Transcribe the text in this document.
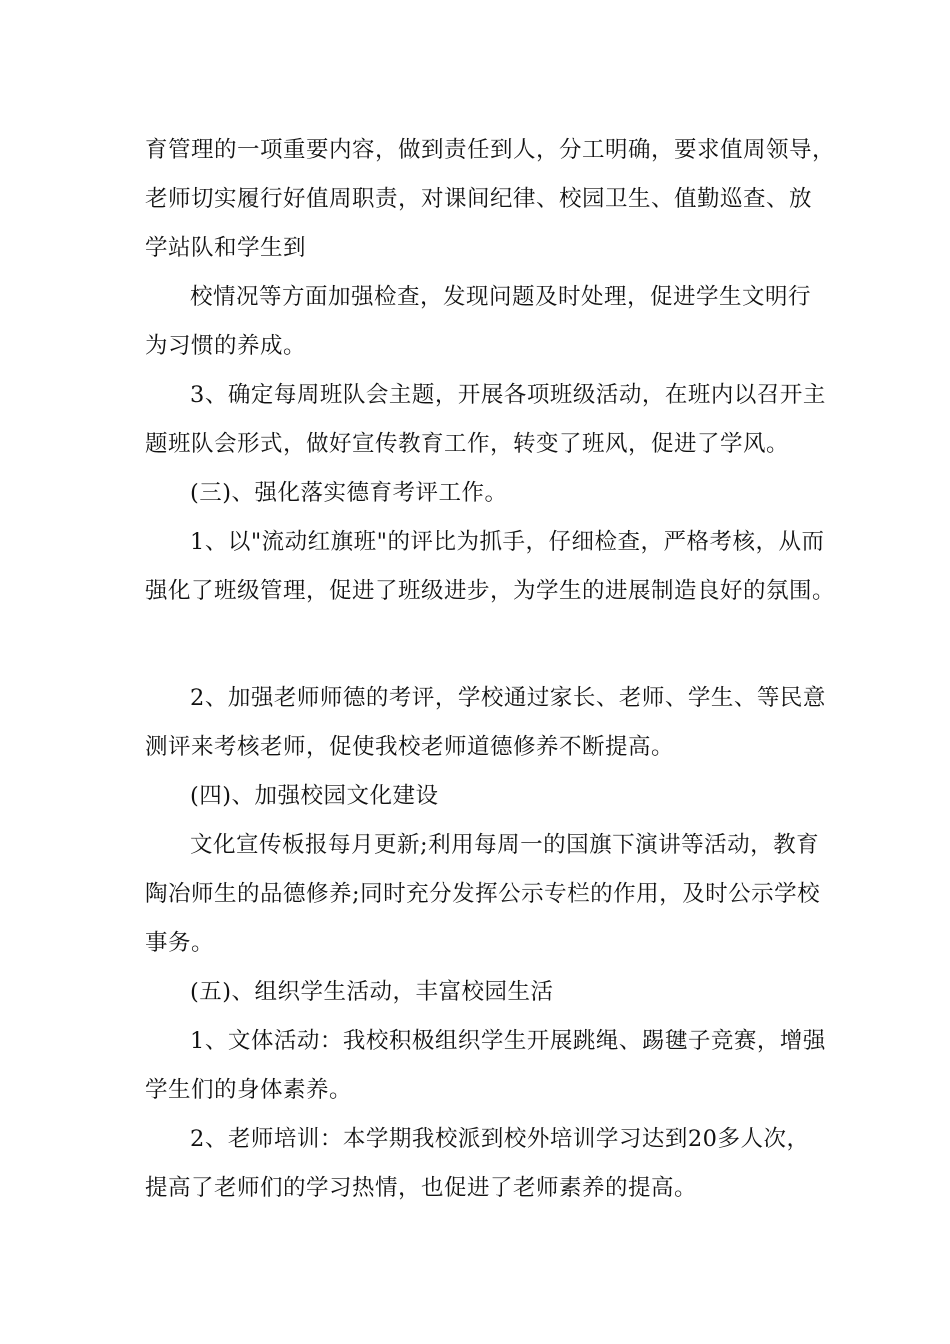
育管理的一项重要内容，做到责任到人，分工明确，要求值周领导，
老师切实履行好值周职责，对课间纪律、校园卫生、值勤巡查、放
学站队和学生到
校情况等方面加强检查，发现问题及时处理，促进学生文明行
为习惯的养成。
3、确定每周班队会主题，开展各项班级活动，在班内以召开主
题班队会形式，做好宣传教育工作，转变了班风，促进了学风。
(三)、强化落实德育考评工作。
1、以"流动红旗班"的评比为抓手，仔细检查，严格考核，从而
强化了班级管理，促进了班级进步，为学生的进展制造良好的氛围。
2、加强老师师德的考评，学校通过家长、老师、学生、等民意
测评来考核老师，促使我校老师道德修养不断提高。
(四)、加强校园文化建设
文化宣传板报每月更新;利用每周一的国旗下演讲等活动，教育
陶冶师生的品德修养;同时充分发挥公示专栏的作用，及时公示学校
事务。
(五)、组织学生活动，丰富校园生活
1、文体活动：我校积极组织学生开展跳绳、踢毽子竞赛，增强
学生们的身体素养。
2、老师培训：本学期我校派到校外培训学习达到20多人次，
提高了老师们的学习热情，也促进了老师素养的提高。
